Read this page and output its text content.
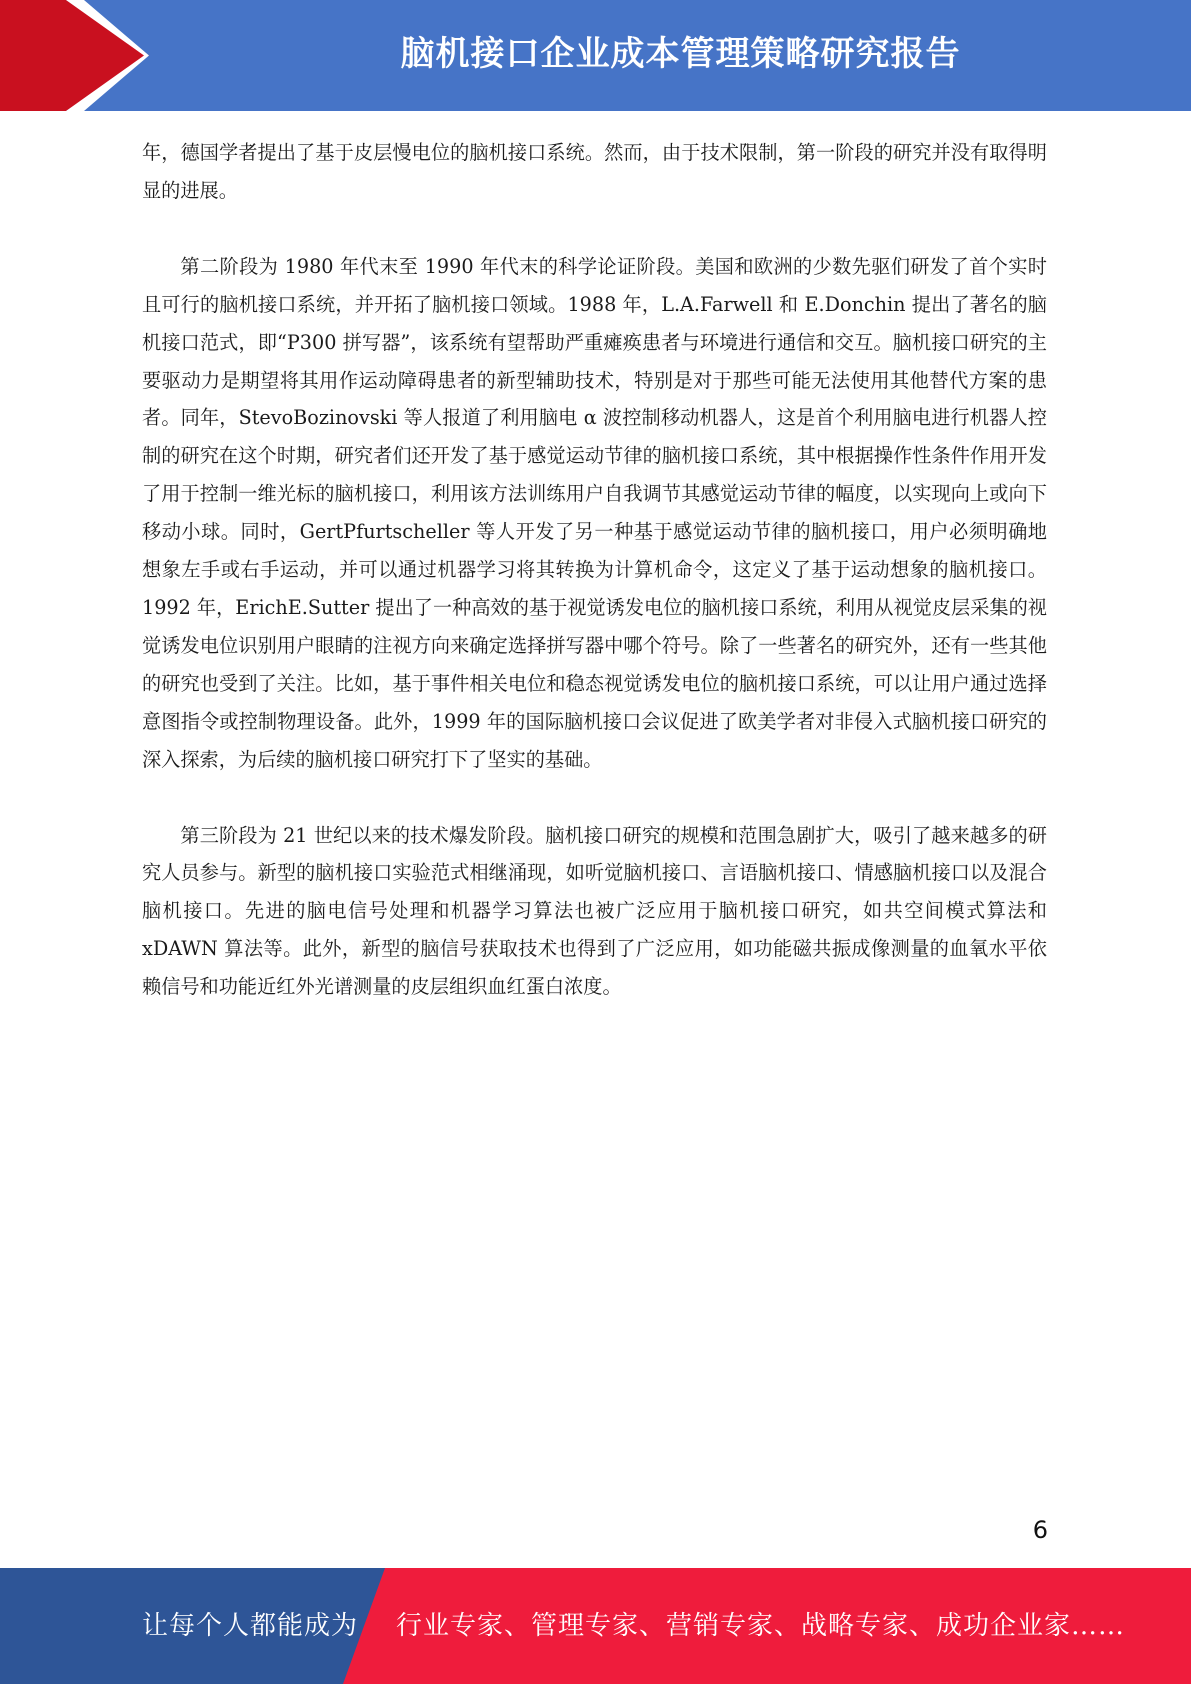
脑机接口企业成本管理策略研究报告

年，德国学者提出了基于皮层慢电位的脑机接口系统。然而，由于技术限制，第一阶段的研究并没有取得明显的进展。

第二阶段为 1980 年代末至 1990 年代末的科学论证阶段。美国和欧洲的少数先驱们研发了首个实时且可行的脑机接口系统，并开拓了脑机接口领域。1988 年，L.A.Farwell 和 E.Donchin 提出了著名的脑机接口范式，即“P300 拼写器”，该系统有望帮助严重瘫痪患者与环境进行通信和交互。脑机接口研究的主要驱动力是期望将其用作运动障碍患者的新型辅助技术，特别是对于那些可能无法使用其他替代方案的患者。同年，StevoBozinovski 等人报道了利用脑电 α 波控制移动机器人，这是首个利用脑电进行机器人控制的研究在这个时期，研究者们还开发了基于感觉运动节律的脑机接口系统，其中根据操作性条件作用开发了用于控制一维光标的脑机接口，利用该方法训练用户自我调节其感觉运动节律的幅度，以实现向上或向下移动小球。同时，GertPfurtscheller 等人开发了另一种基于感觉运动节律的脑机接口，用户必须明确地想象左手或右手运动，并可以通过机器学习将其转换为计算机命令，这定义了基于运动想象的脑机接口。1992 年，ErichE.Sutter 提出了一种高效的基于视觉诱发电位的脑机接口系统，利用从视觉皮层采集的视觉诱发电位识别用户眼睛的注视方向来确定选择拼写器中哪个符号。除了一些著名的研究外，还有一些其他的研究也受到了关注。比如，基于事件相关电位和稳态视觉诱发电位的脑机接口系统，可以让用户通过选择意图指令或控制物理设备。此外，1999 年的国际脑机接口会议促进了欧美学者对非侵入式脑机接口研究的深入探索，为后续的脑机接口研究打下了坚实的基础。

第三阶段为 21 世纪以来的技术爆发阶段。脑机接口研究的规模和范围急剧扩大，吸引了越来越多的研究人员参与。新型的脑机接口实验范式相继涌现，如听觉脑机接口、言语脑机接口、情感脑机接口以及混合脑机接口。先进的脑电信号处理和机器学习算法也被广泛应用于脑机接口研究，如共空间模式算法和 xDAWN 算法等。此外，新型的脑信号获取技术也得到了广泛应用，如功能磁共振成像测量的血氧水平依赖信号和功能近红外光谱测量的皮层组织血红蛋白浓度。

6
让每个人都能成为 行业专家、管理专家、营销专家、战略专家、成功企业家……
